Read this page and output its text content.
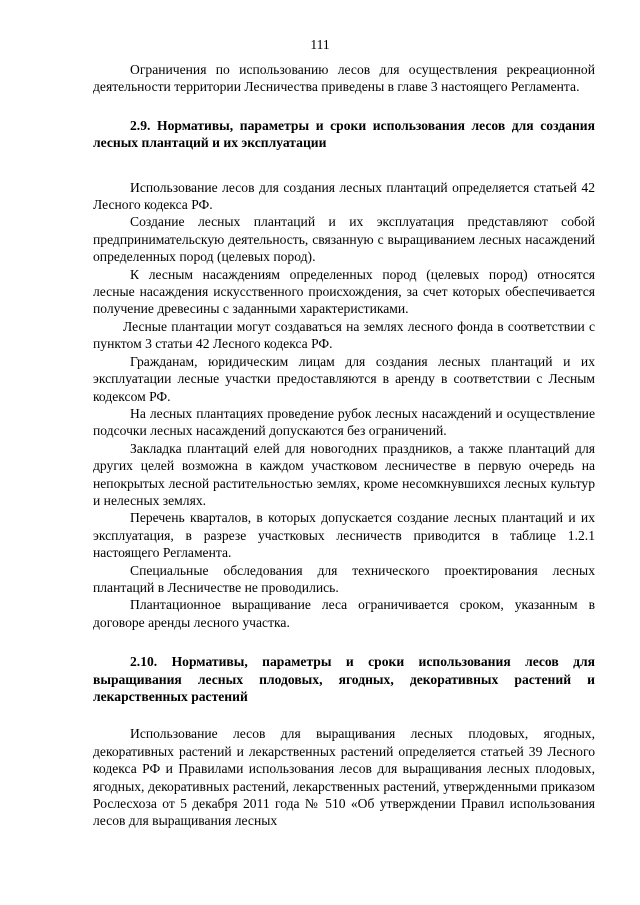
111

Ограничения по использованию лесов для осуществления рекреационной деятельности территории Лесничества приведены в главе 3 настоящего Регламента.

2.9. Нормативы, параметры и сроки использования лесов для создания лесных плантаций и их эксплуатации

Использование лесов для создания лесных плантаций определяется статьей 42 Лесного кодекса РФ.

Создание лесных плантаций и их эксплуатация представляют собой предпринимательскую деятельность, связанную с выращиванием лесных насаждений определенных пород (целевых пород).

К лесным насаждениям определенных пород (целевых пород) относятся лесные насаждения искусственного происхождения, за счет которых обеспечивается получение древесины с заданными характеристиками.

Лесные плантации могут создаваться на землях лесного фонда в соответствии с пунктом 3 статьи 42 Лесного кодекса РФ.

Гражданам, юридическим лицам для создания лесных плантаций и их эксплуатации лесные участки предоставляются в аренду в соответствии с Лесным кодексом РФ.

На лесных плантациях проведение рубок лесных насаждений и осуществление подсочки лесных насаждений допускаются без ограничений.

Закладка плантаций елей для новогодних праздников, а также плантаций для других целей возможна в каждом участковом лесничестве в первую очередь на непокрытых лесной растительностью землях, кроме несомкнувшихся лесных культур и нелесных землях.

Перечень кварталов, в которых допускается создание лесных плантаций и их эксплуатация, в разрезе участковых лесничеств приводится в таблице 1.2.1 настоящего Регламента.

Специальные обследования для технического проектирования лесных плантаций в Лесничестве не проводились.

Плантационное выращивание леса ограничивается сроком, указанным в договоре аренды лесного участка.

2.10. Нормативы, параметры и сроки использования лесов для выращивания лесных плодовых, ягодных, декоративных растений и лекарственных растений

Использование лесов для выращивания лесных плодовых, ягодных, декоративных растений и лекарственных растений определяется статьей 39 Лесного кодекса РФ и Правилами использования лесов для выращивания лесных плодовых, ягодных, декоративных растений, лекарственных растений, утвержденными приказом Рослесхоза от 5 декабря 2011 года № 510 «Об утверждении Правил использования лесов для выращивания лесных
